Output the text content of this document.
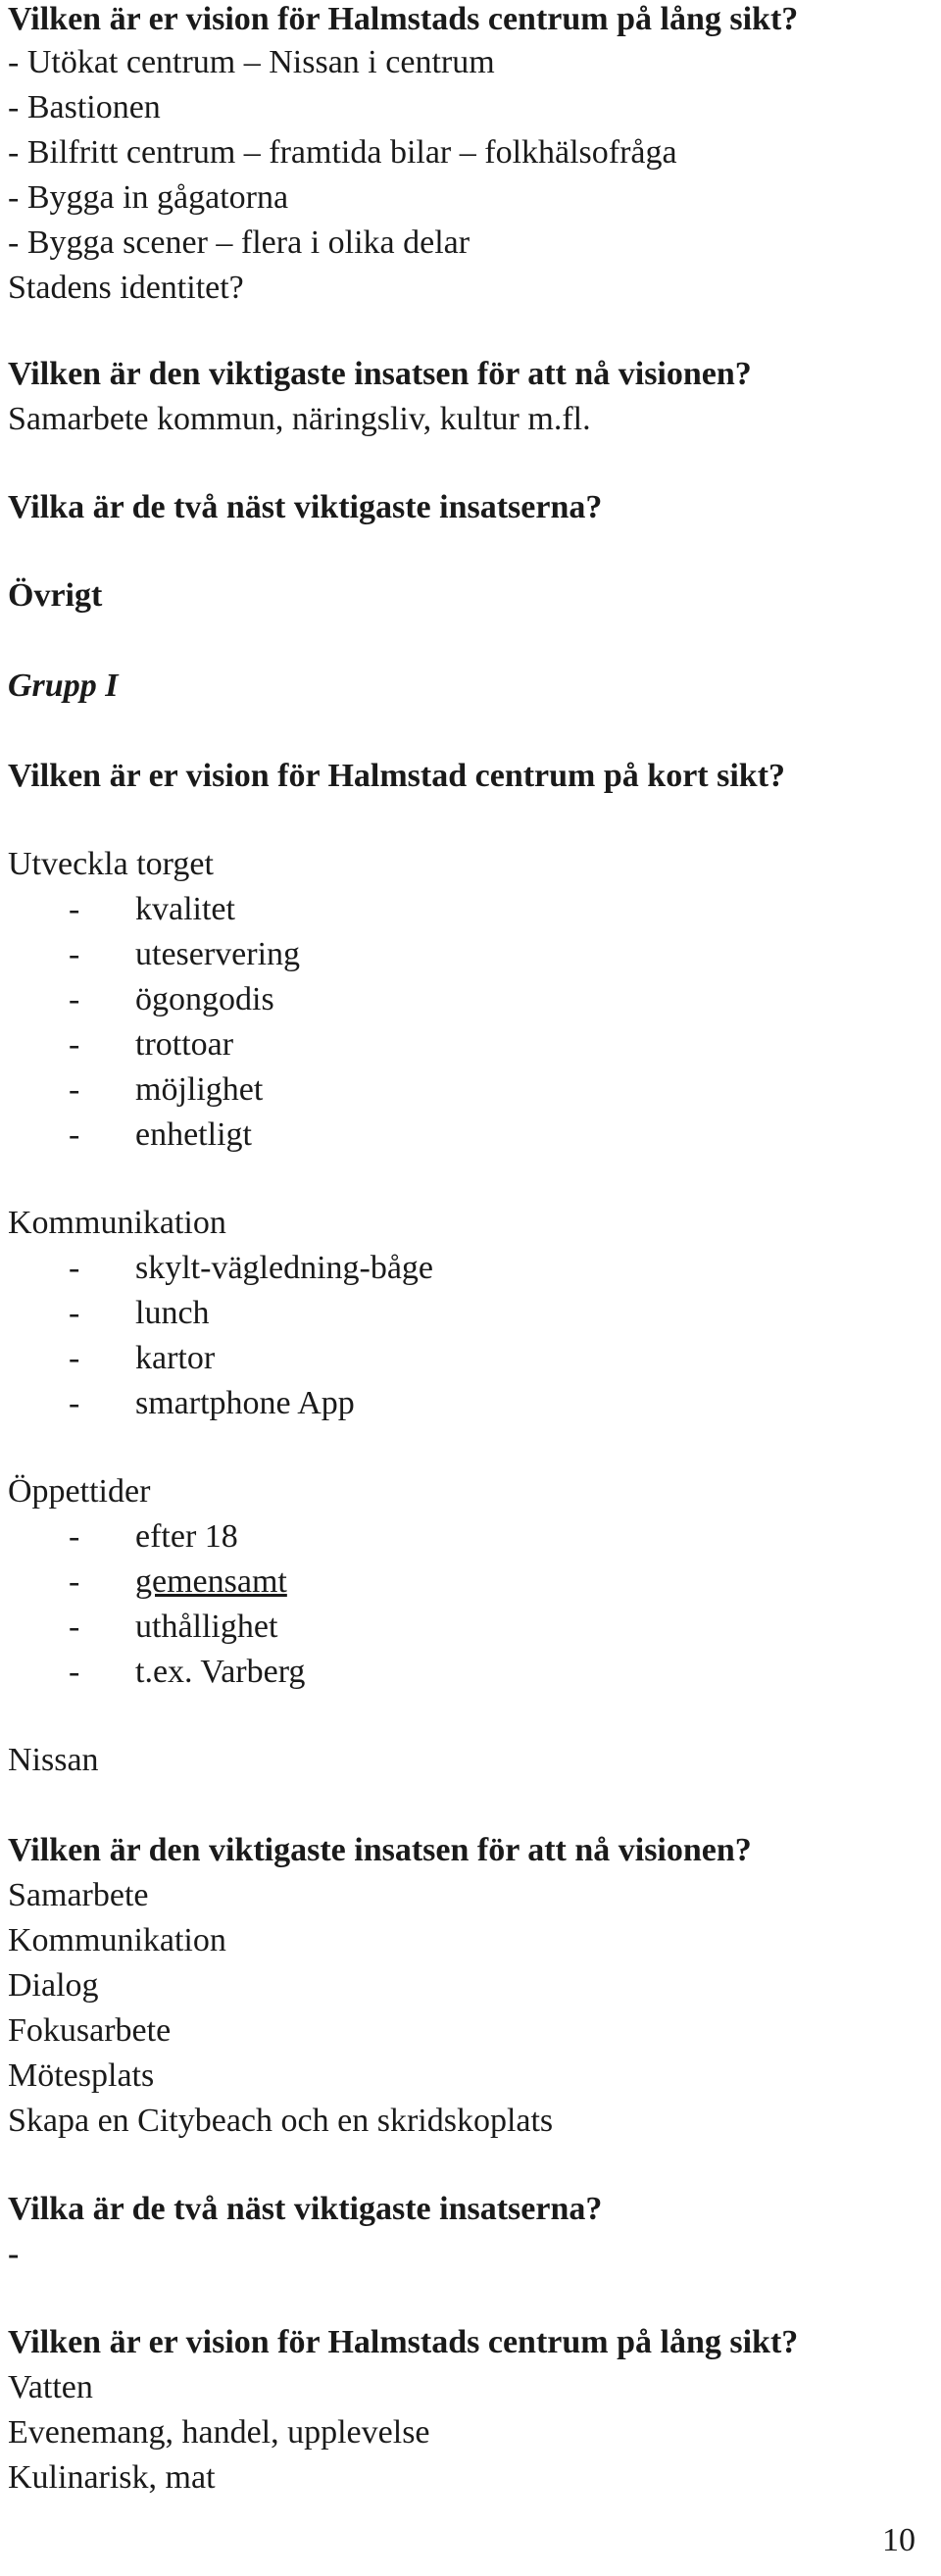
Vilken är er vision för Halmstads centrum på lång sikt?
- Utökat centrum – Nissan i centrum
- Bastionen
- Bilfritt centrum – framtida bilar – folkhälsofråga
- Bygga in gågatorna
- Bygga scener – flera i olika delar
Stadens identitet?
Vilken är den viktigaste insatsen för att nå visionen?
Samarbete kommun, näringsliv, kultur m.fl.
Vilka är de två näst viktigaste insatserna?
Övrigt
Grupp I
Vilken är er vision för Halmstad centrum på kort sikt?
Utveckla torget
- kvalitet
- uteservering
- ögongodis
- trottoar
- möjlighet
- enhetligt
Kommunikation
- skylt-vägledning-båge
- lunch
- kartor
- smartphone App
Öppettider
- efter 18
- gemensamt
- uthållighet
- t.ex. Varberg
Nissan
Vilken är den viktigaste insatsen för att nå visionen?
Samarbete
Kommunikation
Dialog
Fokusarbete
Mötesplats
Skapa en Citybeach och en skridskoplats
Vilka är de två näst viktigaste insatserna?
-
Vilken är er vision för Halmstads centrum på lång sikt?
Vatten
Evenemang, handel, upplevelse
Kulinarisk, mat
10
